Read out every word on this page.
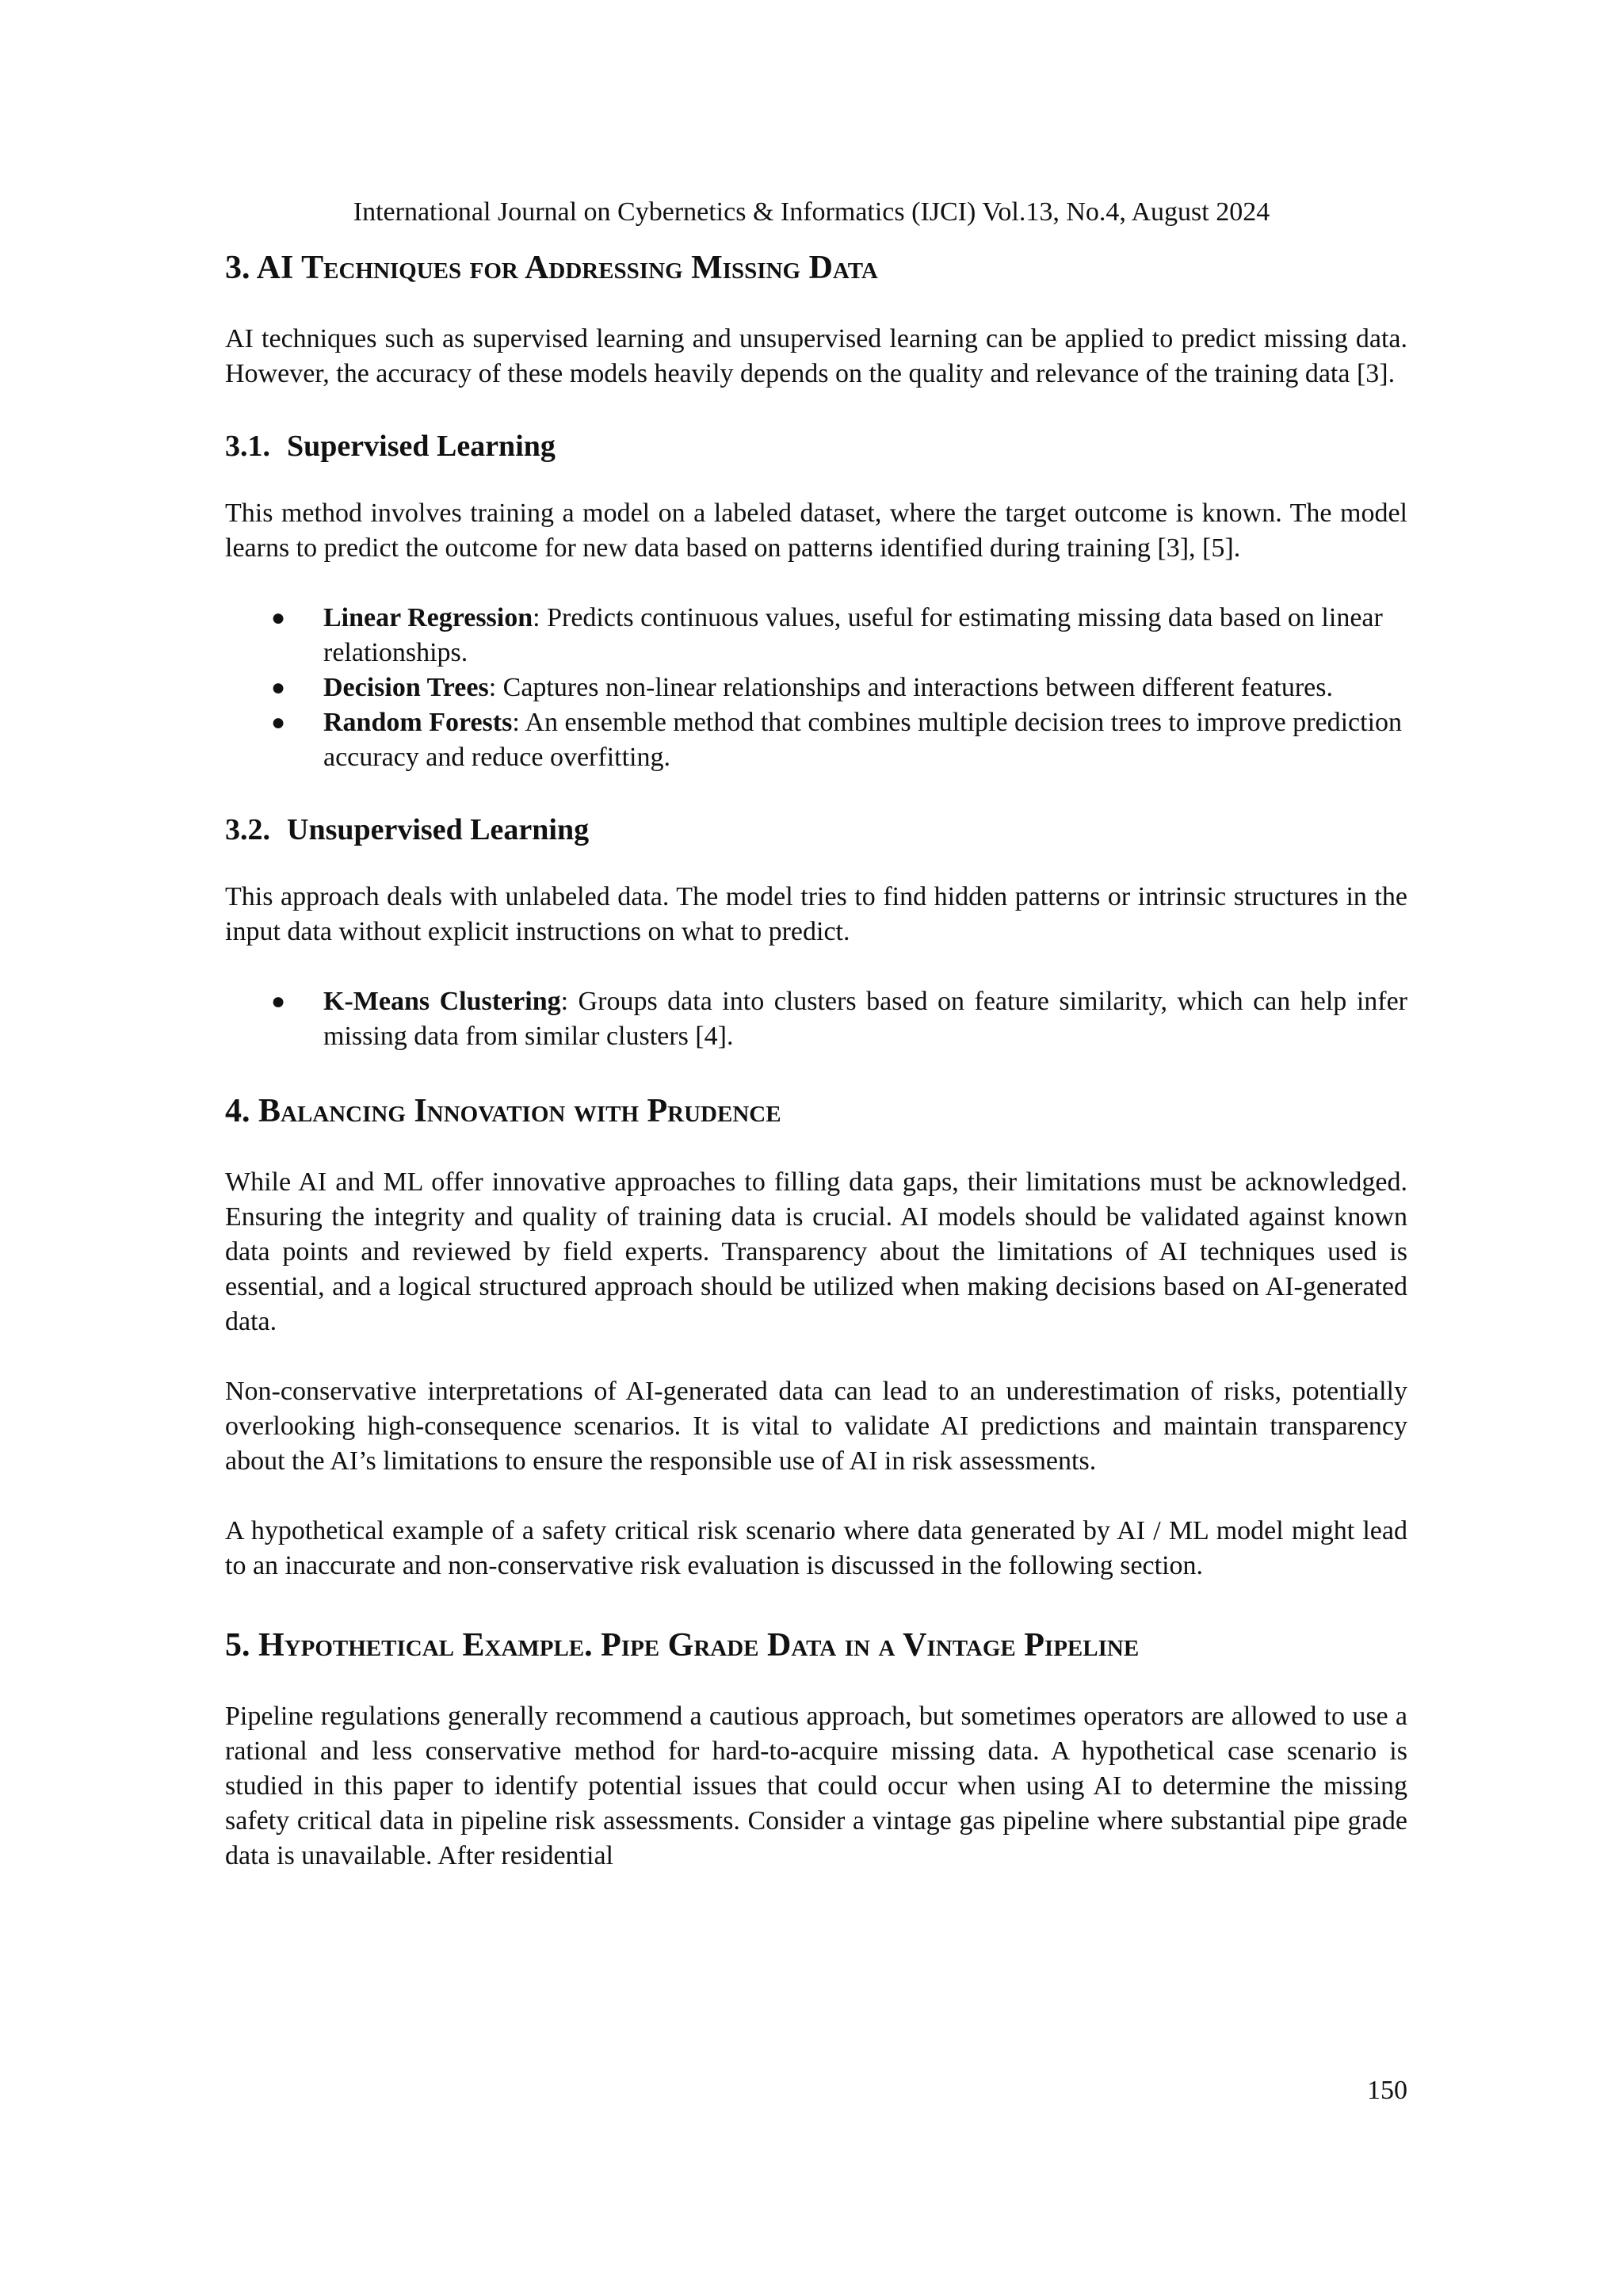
International Journal on Cybernetics & Informatics (IJCI) Vol.13, No.4, August 2024
3. AI Techniques for Addressing Missing Data

AI techniques such as supervised learning and unsupervised learning can be applied to predict missing data. However, the accuracy of these models heavily depends on the quality and relevance of the training data [3].

3.1. Supervised Learning

This method involves training a model on a labeled dataset, where the target outcome is known. The model learns to predict the outcome for new data based on patterns identified during training [3], [5].

● Linear Regression: Predicts continuous values, useful for estimating missing data based on linear relationships.
● Decision Trees: Captures non-linear relationships and interactions between different features.
● Random Forests: An ensemble method that combines multiple decision trees to improve prediction accuracy and reduce overfitting.
3.2. Unsupervised Learning

This approach deals with unlabeled data. The model tries to find hidden patterns or intrinsic structures in the input data without explicit instructions on what to predict.

● K-Means Clustering: Groups data into clusters based on feature similarity, which can help infer missing data from similar clusters [4].
4. Balancing Innovation with Prudence

While AI and ML offer innovative approaches to filling data gaps, their limitations must be acknowledged. Ensuring the integrity and quality of training data is crucial. AI models should be validated against known data points and reviewed by field experts. Transparency about the limitations of AI techniques used is essential, and a logical structured approach should be utilized when making decisions based on AI-generated data.

Non-conservative interpretations of AI-generated data can lead to an underestimation of risks, potentially overlooking high-consequence scenarios. It is vital to validate AI predictions and maintain transparency about the AI’s limitations to ensure the responsible use of AI in risk assessments.

A hypothetical example of a safety critical risk scenario where data generated by AI / ML model might lead to an inaccurate and non-conservative risk evaluation is discussed in the following section.

5. Hypothetical Example. Pipe Grade Data in a Vintage Pipeline

Pipeline regulations generally recommend a cautious approach, but sometimes operators are allowed to use a rational and less conservative method for hard-to-acquire missing data. A hypothetical case scenario is studied in this paper to identify potential issues that could occur when using AI to determine the missing safety critical data in pipeline risk assessments. Consider a vintage gas pipeline where substantial pipe grade data is unavailable. After residential

150
